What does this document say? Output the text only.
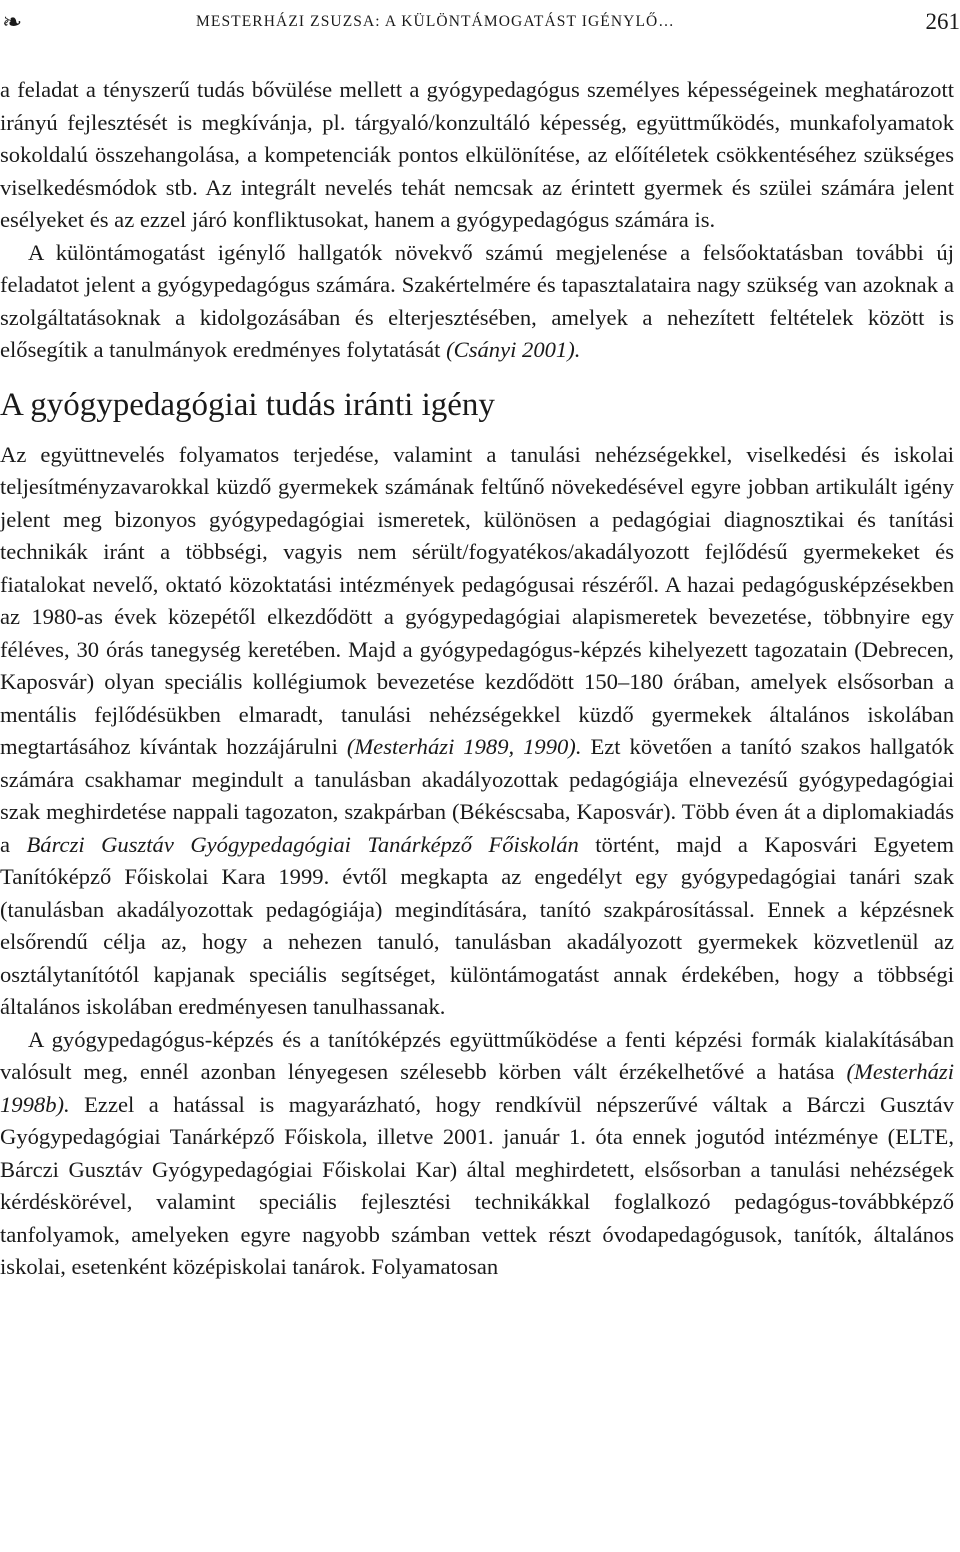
❧	MESTERHÁZI ZSUZSA: A KÜLÖNTÁMOGATÁST IGÉNYLŐ…	261

a feladat a tényszerű tudás bővülése mellett a gyógypedagógus személyes képességeinek meghatározott irányú fejlesztését is megkívánja, pl. tárgyaló/konzultáló képesség, együttműködés, munkafolyamatok sokoldalú összehangolása, a kompetenciák pontos elkülönítése, az előítéletek csökkentéséhez szükséges viselkedésmódok stb. Az integrált nevelés tehát nemcsak az érintett gyermek és szülei számára jelent esélyeket és az ezzel járó konfliktusokat, hanem a gyógypedagógus számára is.

A különtámogatást igénylő hallgatók növekvő számú megjelenése a felsőoktatásban további új feladatot jelent a gyógypedagógus számára. Szakértelmére és tapasztalataira nagy szükség van azoknak a szolgáltatásoknak a kidolgozásában és elterjesztésében, amelyek a nehezített feltételek között is elősegítik a tanulmányok eredményes folytatását (Csányi 2001).

A gyógypedagógiai tudás iránti igény

Az együttnevelés folyamatos terjedése, valamint a tanulási nehézségekkel, viselkedési és iskolai teljesítményzavarokkal küzdő gyermekek számának feltűnő növekedésével egyre jobban artikulált igény jelent meg bizonyos gyógypedagógiai ismeretek, különösen a pedagógiai diagnosztikai és tanítási technikák iránt a többségi, vagyis nem sérült/fogyatékos/akadályozott fejlődésű gyermekeket és fiatalokat nevelő, oktató közoktatási intézmények pedagógusai részéről. A hazai pedagógusképzésekben az 1980-as évek közepétől elkezdődött a gyógypedagógiai alapismeretek bevezetése, többnyire egy féléves, 30 órás tanegység keretében. Majd a gyógypedagógus-képzés kihelyezett tagozatain (Debrecen, Kaposvár) olyan speciális kollégiumok bevezetése kezdődött 150–180 órában, amelyek elsősorban a mentális fejlődésükben elmaradt, tanulási nehézségekkel küzdő gyermekek általános iskolában megtartásához kívántak hozzájárulni (Mesterházi 1989, 1990). Ezt követően a tanító szakos hallgatók számára csakhamar megindult a tanulásban akadályozottak pedagógiája elnevezésű gyógypedagógiai szak meghirdetése nappali tagozaton, szakpárban (Békéscsaba, Kaposvár). Több éven át a diplomakiadás a Bárczi Gusztáv Gyógypedagógiai Tanárképző Főiskolán történt, majd a Kaposvári Egyetem Tanítóképző Főiskolai Kara 1999. évtől megkapta az engedélyt egy gyógypedagógiai tanári szak (tanulásban akadályozottak pedagógiája) megindítására, tanító szakpárosítással. Ennek a képzésnek elsőrendű célja az, hogy a nehezen tanuló, tanulásban akadályozott gyermekek közvetlenül az osztálytanítótól kapjanak speciális segítséget, különtámogatást annak érdekében, hogy a többségi általános iskolában eredményesen tanulhassanak.

A gyógypedagógus-képzés és a tanítóképzés együttműködése a fenti képzési formák kialakításában valósult meg, ennél azonban lényegesen szélesebb körben vált érzékelhetővé a hatása (Mesterházi 1998b). Ezzel a hatással is magyarázható, hogy rendkívül népszerűvé váltak a Bárczi Gusztáv Gyógypedagógiai Tanárképző Főiskola, illetve 2001. január 1. óta ennek jogutód intézménye (ELTE, Bárczi Gusztáv Gyógypedagógiai Főiskolai Kar) által meghirdetett, elsősorban a tanulási nehézségek kérdéskörével, valamint speciális fejlesztési technikákkal foglalkozó pedagógus-továbbképző tanfolyamok, amelyeken egyre nagyobb számban vettek részt óvodapedagógusok, tanítók, általános iskolai, esetenként középiskolai tanárok. Folyamatosan
